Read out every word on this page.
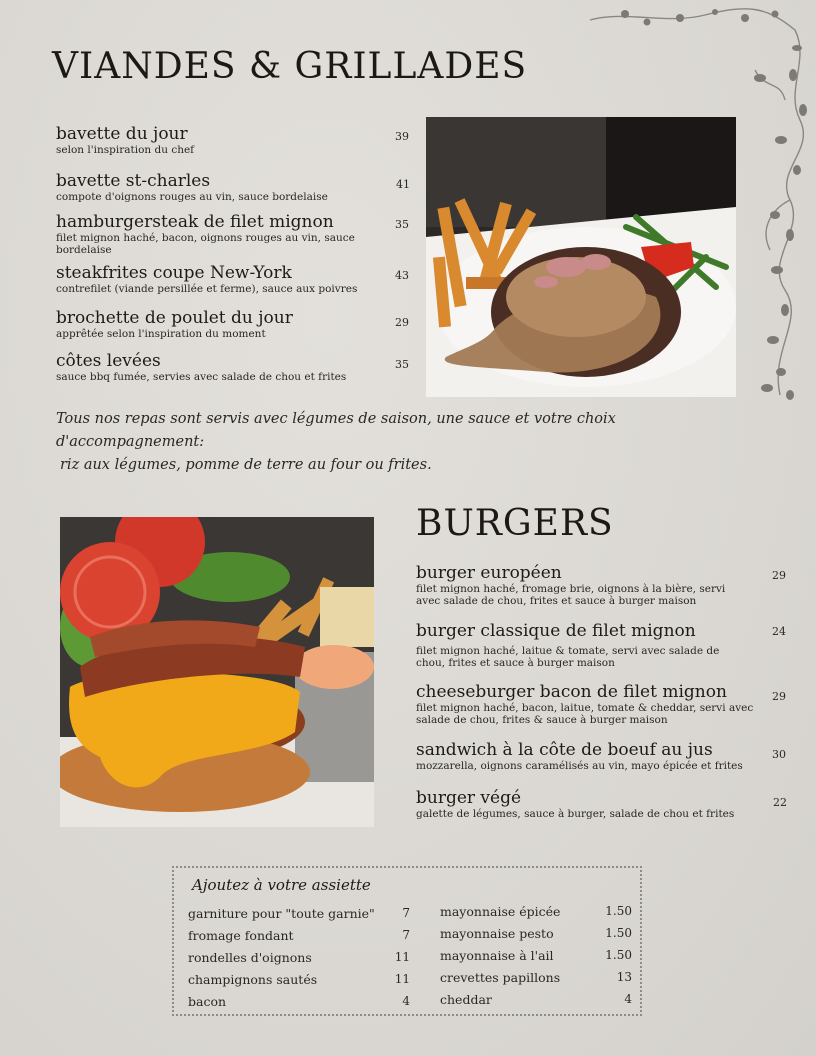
VIANDES & GRILLADES
bavette du jour
selon l'inspiration du chef
39
bavette st-charles
compote d'oignons rouges au vin, sauce bordelaise
41
hamburgersteak de filet mignon
filet mignon haché, bacon, oignons rouges au vin, sauce bordelaise
35
steakfrites coupe New-York
contrefilet (viande persillée et ferme), sauce aux poivres
43
brochette de poulet du jour
apprêtée selon l'inspiration du moment
29
côtes levées
sauce bbq fumée, servies avec salade de chou et frites
35
Tous nos repas sont servis avec légumes de saison, une sauce et votre choix d'accompagnement:
riz aux légumes, pomme de terre au four ou frites.
BURGERS
burger européen
filet mignon haché, fromage brie, oignons à la bière, servi avec salade de chou, frites et sauce à burger maison
29
burger classique de filet mignon
filet mignon haché, laitue & tomate, servi avec salade de chou, frites et sauce à burger maison
24
cheeseburger bacon de filet mignon
filet mignon haché, bacon, laitue, tomate & cheddar, servi avec salade de chou, frites & sauce à burger maison
29
sandwich à la côte de boeuf au jus
mozzarella, oignons caramélisés au vin, mayo épicée et frites
30
burger végé
galette de légumes, sauce à burger, salade de chou et frites
22
Ajoutez à votre assiette
garniture pour "toute garnie"	7
fromage fondant	7
rondelles d'oignons	11
champignons sautés	11
bacon	4
mayonnaise épicée	1.50
mayonnaise pesto	1.50
mayonnaise à l'ail	1.50
crevettes papillons	13
cheddar	4
